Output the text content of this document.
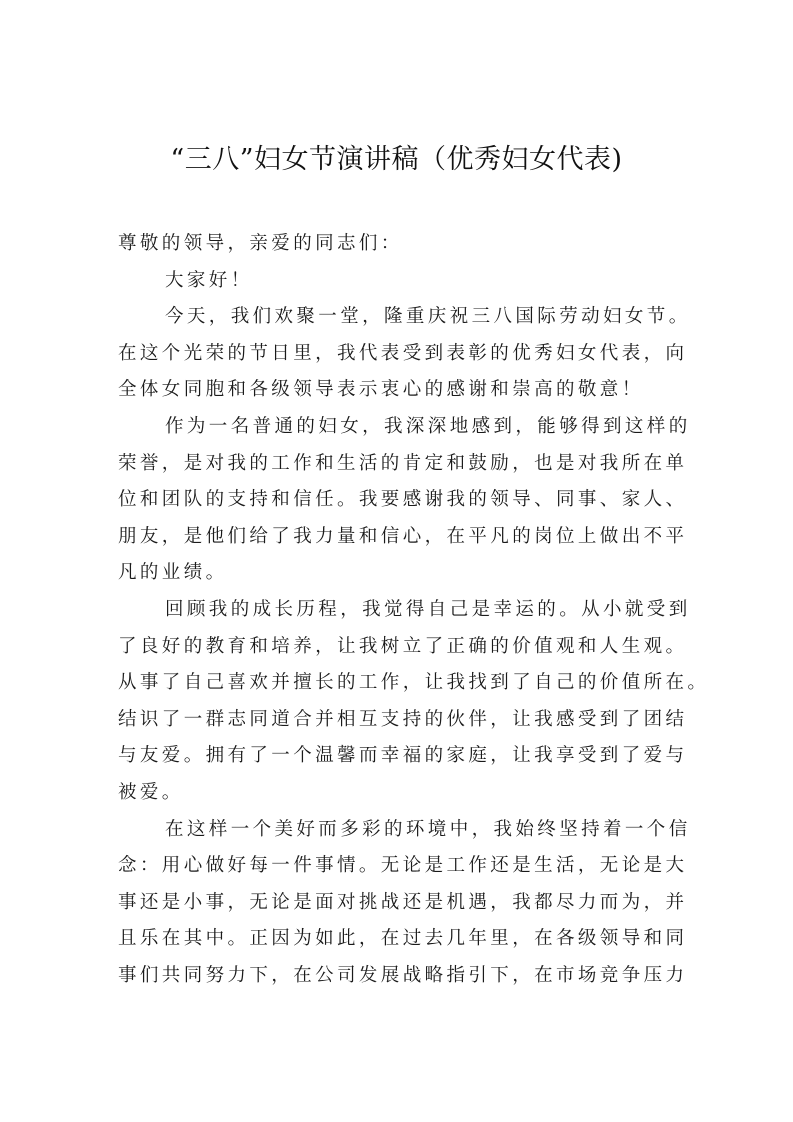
“三八”妇女节演讲稿（优秀妇女代表)
尊敬的领导，亲爱的同志们：
大家好！
今天，我们欢聚一堂，隆重庆祝三八国际劳动妇女节。
在这个光荣的节日里，我代表受到表彰的优秀妇女代表，向
全体女同胞和各级领导表示衷心的感谢和崇高的敬意！
作为一名普通的妇女，我深深地感到，能够得到这样的
荣誉，是对我的工作和生活的肯定和鼓励，也是对我所在单
位和团队的支持和信任。我要感谢我的领导、同事、家人、
朋友，是他们给了我力量和信心，在平凡的岗位上做出不平
凡的业绩。
回顾我的成长历程，我觉得自己是幸运的。从小就受到
了良好的教育和培养，让我树立了正确的价值观和人生观。
从事了自己喜欢并擅长的工作，让我找到了自己的价值所在。
结识了一群志同道合并相互支持的伙伴，让我感受到了团结
与友爱。拥有了一个温馨而幸福的家庭，让我享受到了爱与
被爱。
在这样一个美好而多彩的环境中，我始终坚持着一个信
念：用心做好每一件事情。无论是工作还是生活，无论是大
事还是小事，无论是面对挑战还是机遇，我都尽力而为，并
且乐在其中。正因为如此，在过去几年里，在各级领导和同
事们共同努力下，在公司发展战略指引下，在市场竞争压力
